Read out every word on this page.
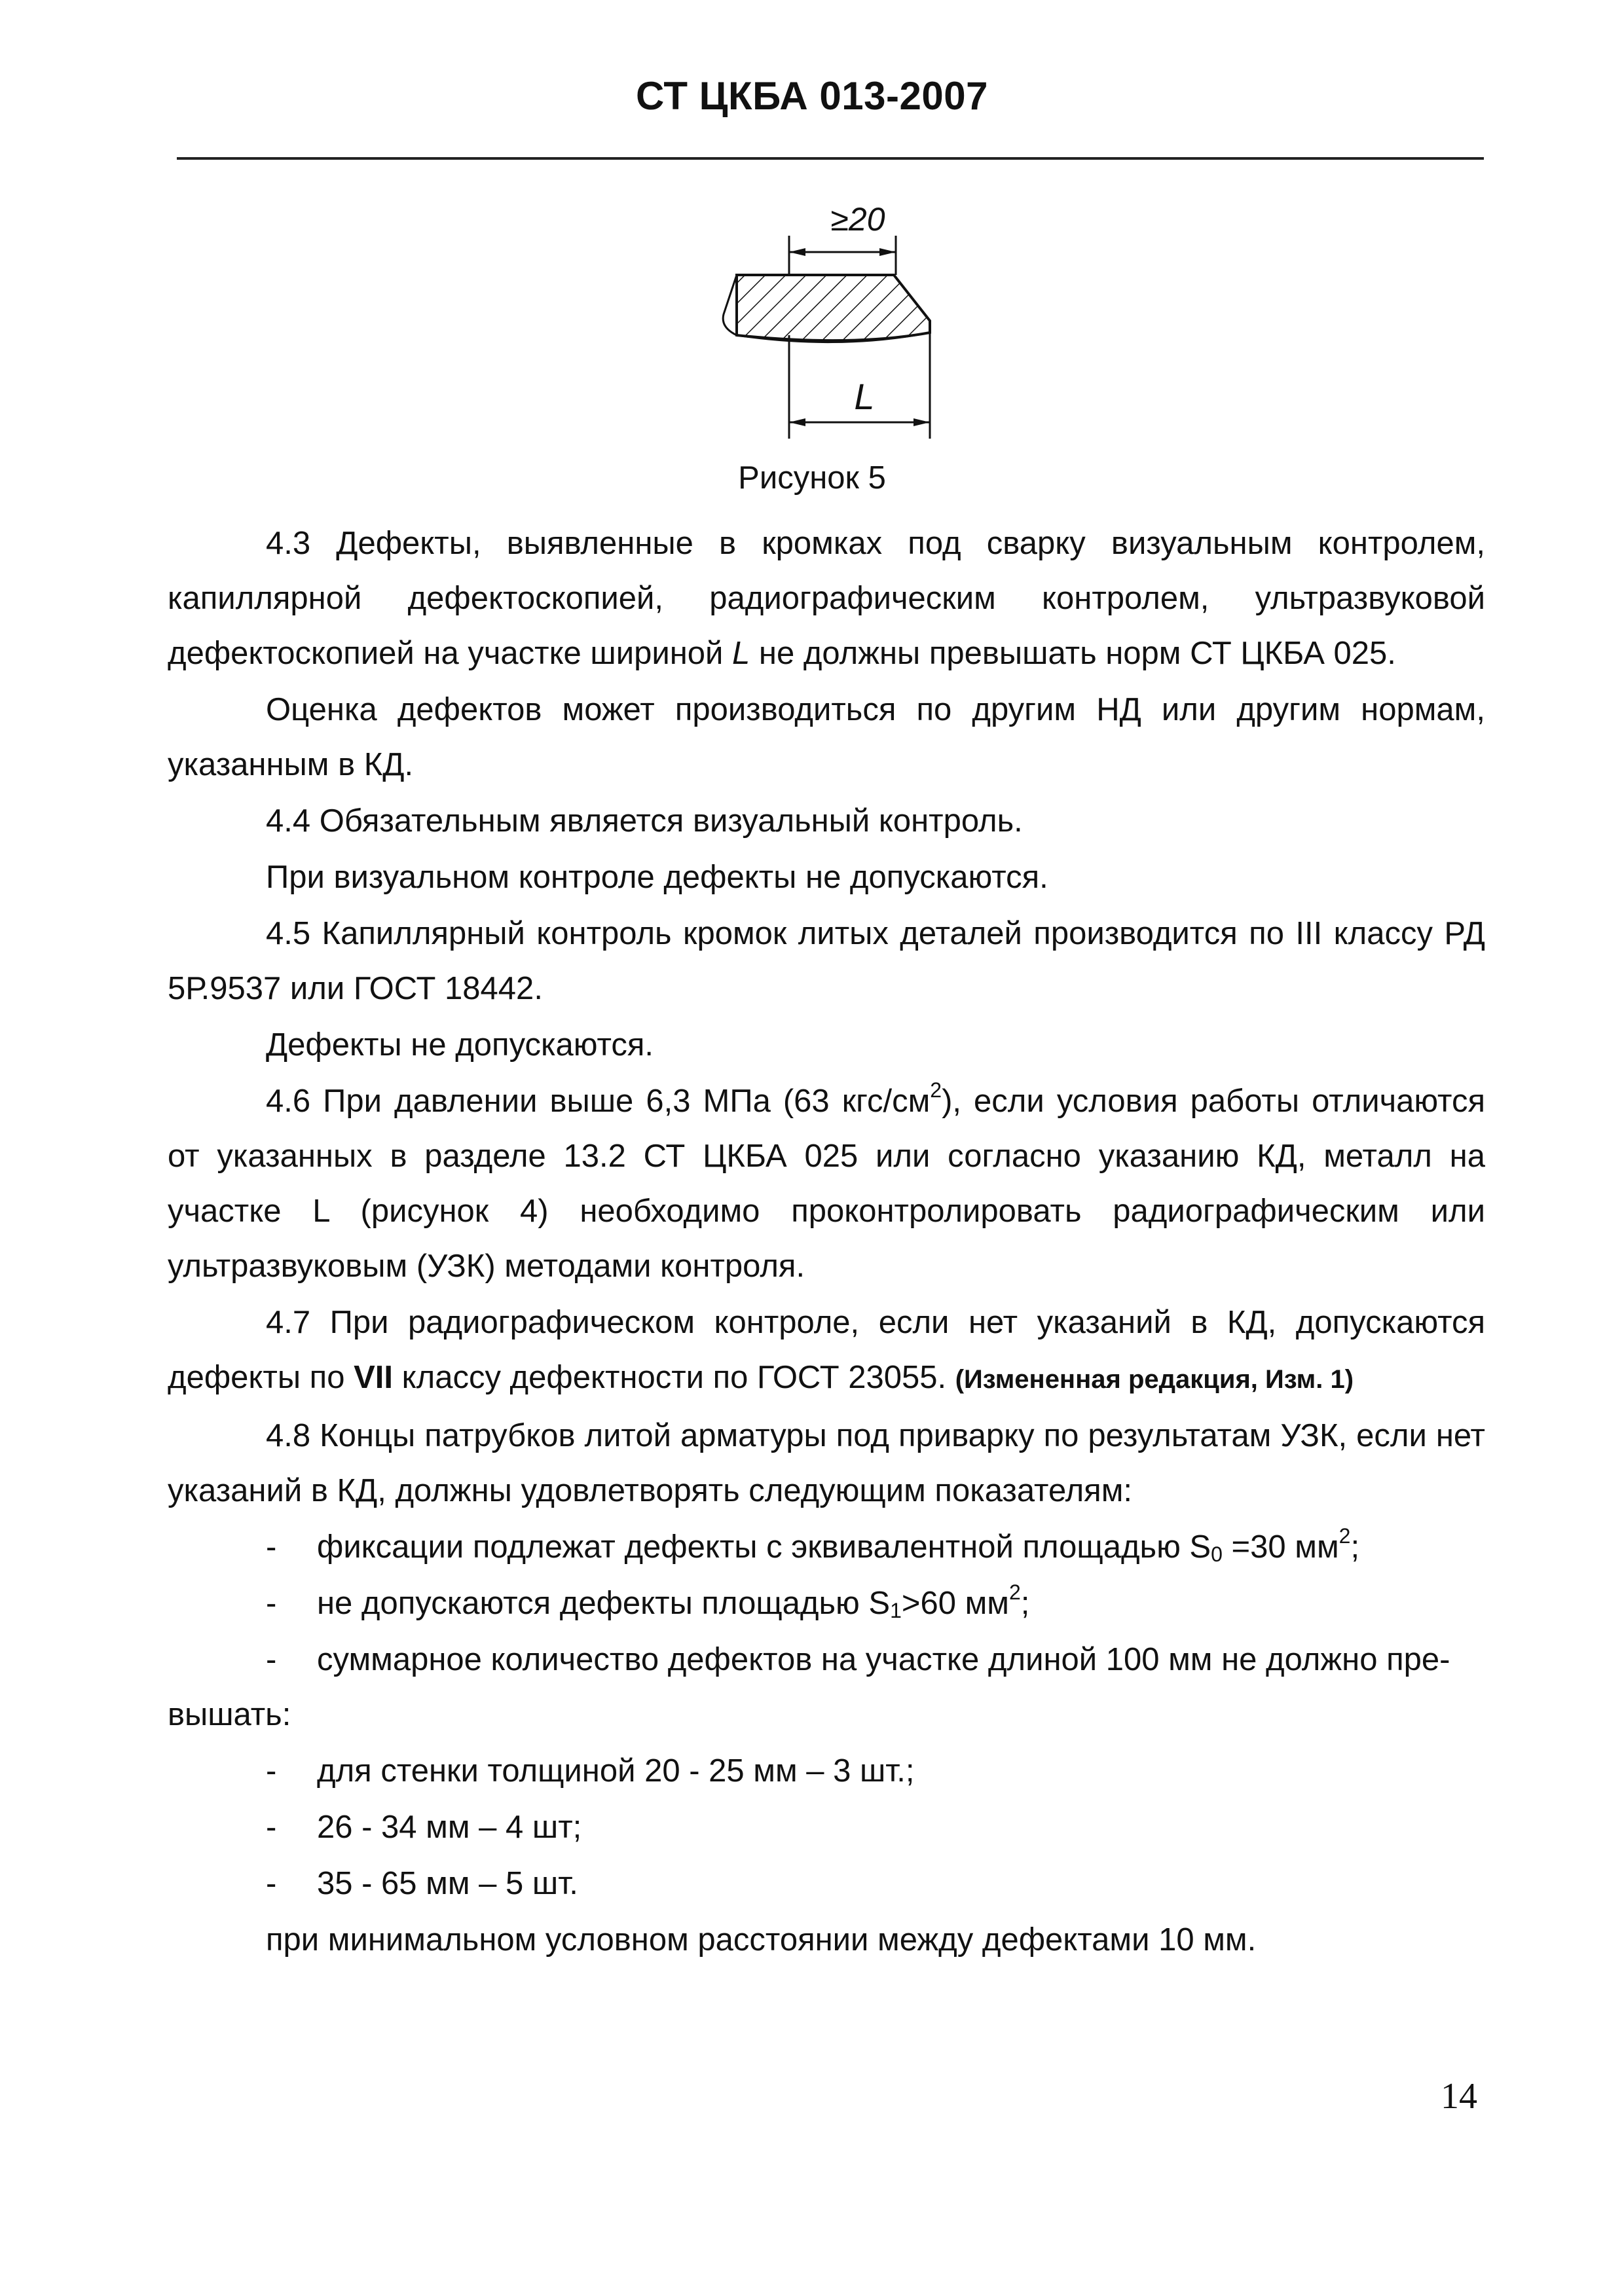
СТ ЦКБА 013-2007
≥20
L
Рисунок 5

4.3 Дефекты, выявленные в кромках под сварку визуальным контролем, капиллярной дефектоскопией, радиографическим контролем, ультразвуковой дефектоскопией на участке шириной L не должны превышать норм СТ ЦКБА 025.

Оценка дефектов может производиться по другим НД или другим нормам, указанным в КД.

4.4 Обязательным является визуальный контроль.

При визуальном контроле дефекты не допускаются.

4.5 Капиллярный контроль кромок литых деталей производится по III классу РД 5Р.9537 или ГОСТ 18442.

Дефекты не допускаются.

4.6 При давлении выше 6,3 МПа (63 кгс/$см^2$), если условия работы отличаются от указанных в разделе 13.2 СТ ЦКБА 025 или согласно указанию КД, металл на участке L (рисунок 4) необходимо проконтролировать радиографическим или ультразвуковым (УЗК) методами контроля.

4.7 При радиографическом контроле, если нет указаний в КД, допускаются дефекты по VII классу дефектности по ГОСТ 23055. (Измененная редакция, Изм. 1)

4.8 Концы патрубков литой арматуры под приварку по результатам УЗК, если нет указаний в КД, должны удовлетворять следующим показателям:

- фиксации подлежат дефекты с эквивалентной площадью $S_0 =30$ $мм^2$;

- не допускаются дефекты площадью $S_1>60$ $мм^2$;

- суммарное количество дефектов на участке длиной 100 мм не должно пре-

вышать:

- для стенки толщиной 20 - 25 мм – 3 шт.;

- 26 - 34 мм – 4 шт;

- 35 - 65 мм – 5 шт.

при минимальном условном расстоянии между дефектами 10 мм.

14
